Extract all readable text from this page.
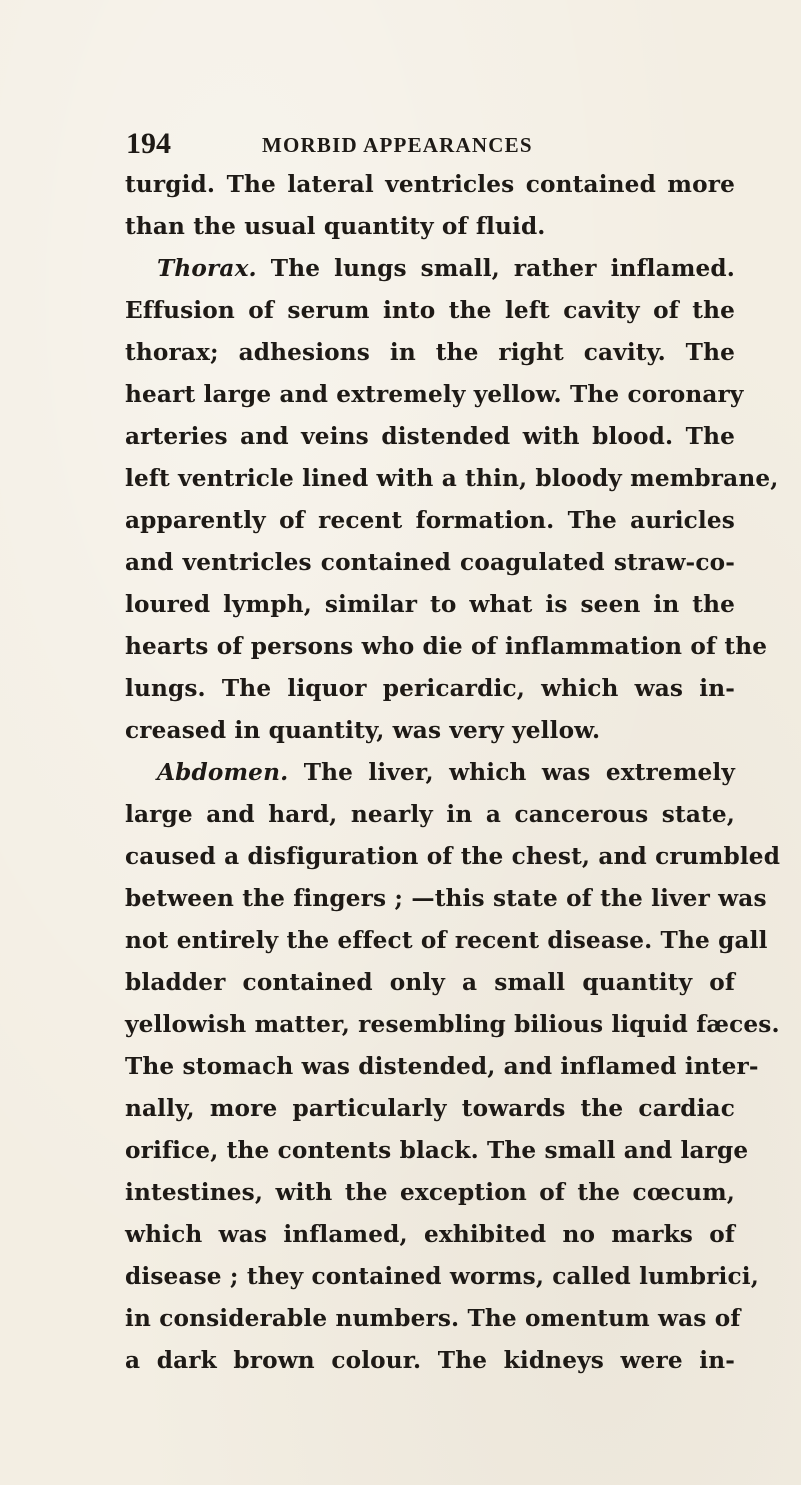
194	MORBID APPEARANCES
turgid. The lateral ventricles contained more
than the usual quantity of fluid.
Thorax. The lungs small, rather inflamed.
Effusion of serum into the left cavity of the
thorax; adhesions in the right cavity. The
heart large and extremely yellow. The coronary
arteries and veins distended with blood. The
left ventricle lined with a thin, bloody membrane,
apparently of recent formation. The auricles
and ventricles contained coagulated straw-co-
loured lymph, similar to what is seen in the
hearts of persons who die of inflammation of the
lungs. The liquor pericardic, which was in-
creased in quantity, was very yellow.
Abdomen. The liver, which was extremely
large and hard, nearly in a cancerous state,
caused a disfiguration of the chest, and crumbled
between the fingers ; —this state of the liver was
not entirely the effect of recent disease. The gall
bladder contained only a small quantity of
yellowish matter, resembling bilious liquid fæces.
The stomach was distended, and inflamed inter-
nally, more particularly towards the cardiac
orifice, the contents black. The small and large
intestines, with the exception of the cœcum,
which was inflamed, exhibited no marks of
disease ; they contained worms, called lumbrici,
in considerable numbers. The omentum was of
a dark brown colour. The kidneys were in-
